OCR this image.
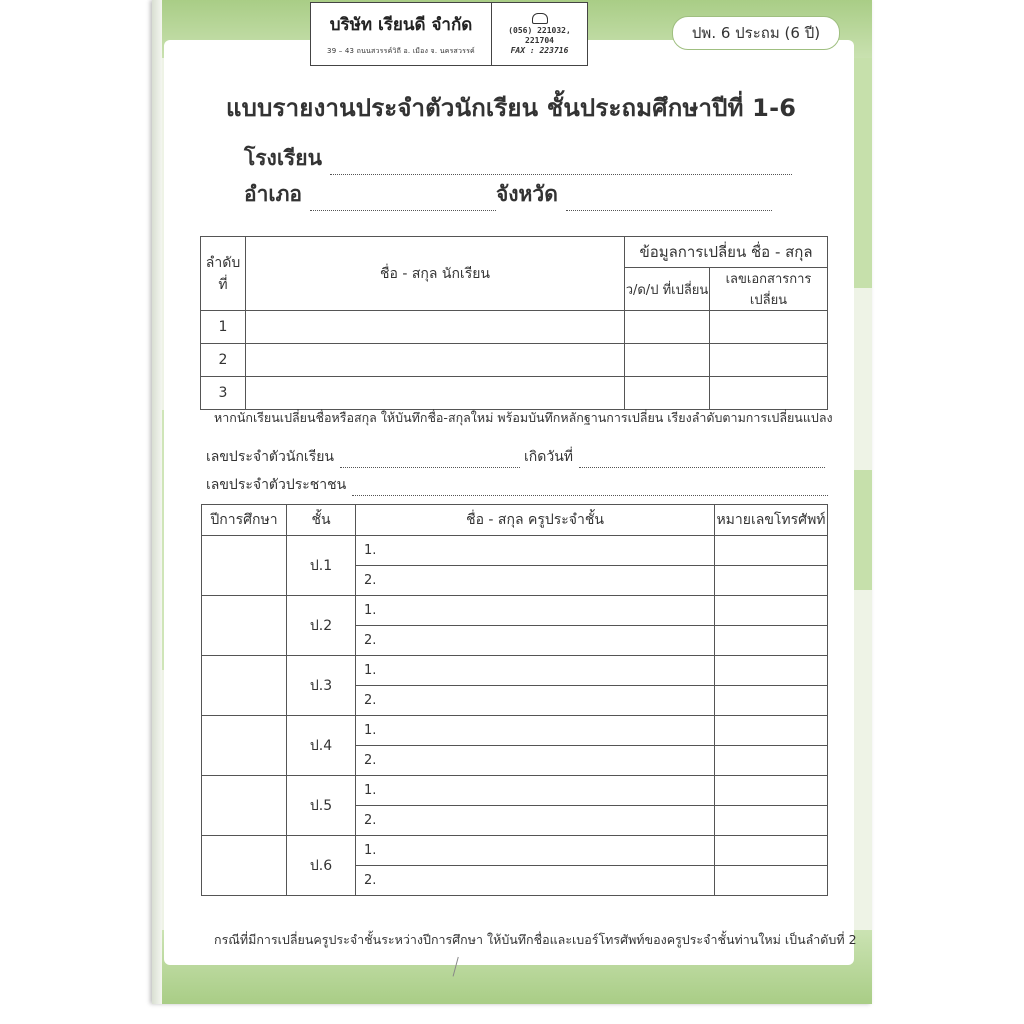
บริษัท เรียนดี จำกัด
39 – 43 ถนนสวรรค์วิถี อ. เมือง จ. นครสวรรค์
(056) 221032,
221704
FAX : 223716
ปพ. 6 ประถม (6 ปี)
แบบรายงานประจำตัวนักเรียน ชั้นประถมศึกษาปีที่ 1-6
โรงเรียน
อำเภอ	จังหวัด
ลำดับ
ที่	ชื่อ - สกุล นักเรียน	ข้อมูลการเปลี่ยน ชื่อ - สกุล	
		ว/ด/ป ที่เปลี่ยน	เลขเอกสารการเปลี่ยน
1			
2			
3			
หากนักเรียนเปลี่ยนชื่อหรือสกุล ให้บันทึกชื่อ-สกุลใหม่ พร้อมบันทึกหลักฐานการเปลี่ยน เรียงลำดับตามการเปลี่ยนแปลง
เลขประจำตัวนักเรียน	เกิดวันที่
เลขประจำตัวประชาชน
ปีการศึกษา	ชั้น	ชื่อ - สกุล ครูประจำชั้น	หมายเลขโทรศัพท์
	ป.1	1.	
		2.	
	ป.2	1.	
		2.	
	ป.3	1.	
		2.	
	ป.4	1.	
		2.	
	ป.5	1.	
		2.	
	ป.6	1.	
		2.	
กรณีที่มีการเปลี่ยนครูประจำชั้นระหว่างปีการศึกษา ให้บันทึกชื่อและเบอร์โทรศัพท์ของครูประจำชั้นท่านใหม่ เป็นลำดับที่ 2
